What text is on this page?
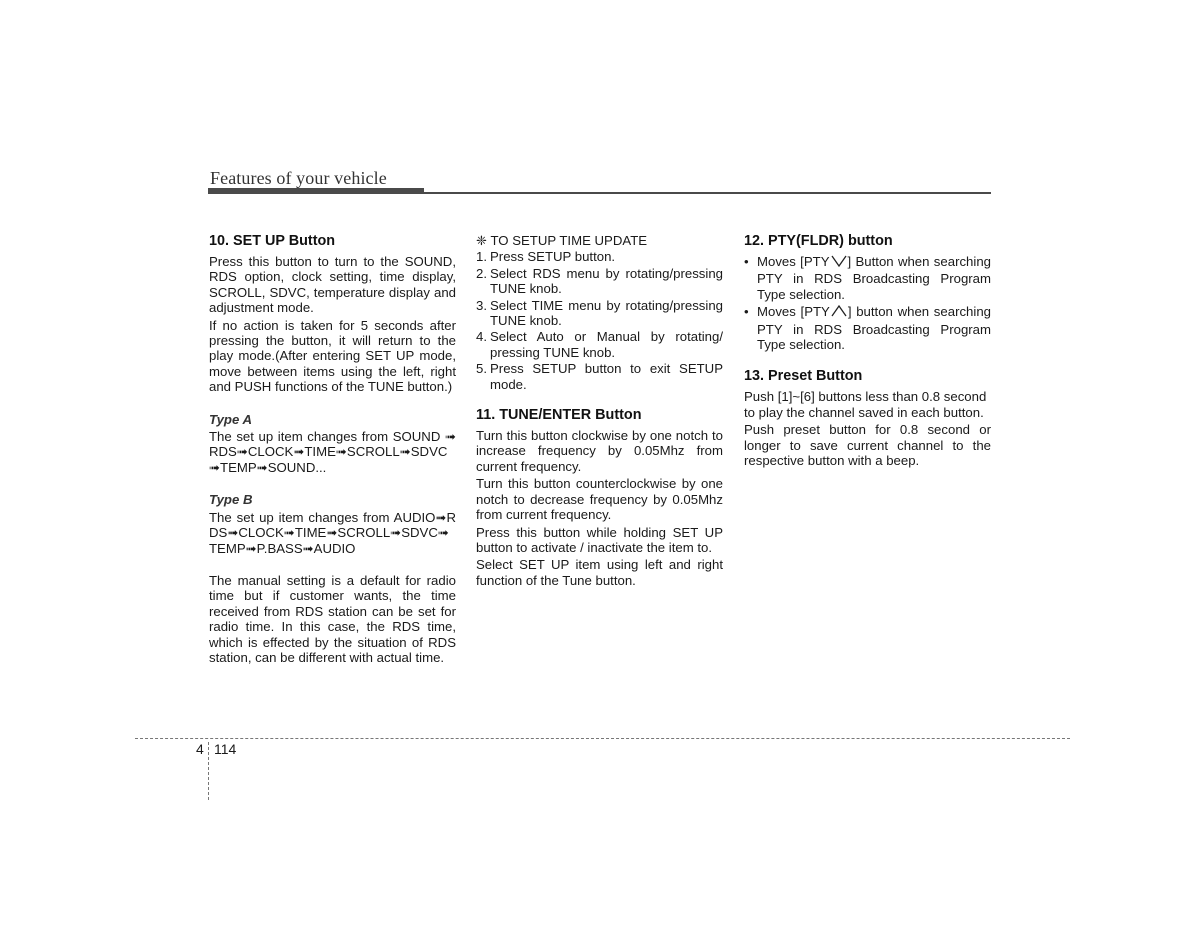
Features of your vehicle
10. SET UP Button

Press this button to turn to the SOUND, RDS option, clock setting, time display, SCROLL, SDVC, temperature display and adjustment mode.

If no action is taken for 5 seconds after pressing the button, it will return to the play mode.(After entering SET UP mode, move between items using the left, right and PUSH functions of the TUNE button.)

Type A

The set up item changes from SOUND ➟RDS➟CLOCK➟TIME➟SCROLL➟SDVC➟TEMP➟SOUND...

Type B

The set up item changes from AUDIO➟RDS➟CLOCK➟TIME➟SCROLL➟SDVC➟TEMP➟P.BASS➟AUDIO

The manual setting is a default for radio time but if customer wants, the time received from RDS station can be set for radio time. In this case, the RDS time, which is effected by the situation of RDS station, can be different with actual time.

❈ TO SETUP TIME UPDATE
1. Press SETUP button.
2. Select RDS menu by rotating/pressing TUNE knob.
3. Select TIME menu by rotating/pressing TUNE knob.
4. Select Auto or Manual by rotating/ pressing TUNE knob.
5. Press SETUP button to exit SETUP mode.
11. TUNE/ENTER Button

Turn this button clockwise by one notch to increase frequency by 0.05Mhz from current frequency.

Turn this button counterclockwise by one notch to decrease frequency by 0.05Mhz from current frequency.

Press this button while holding SET UP button to activate / inactivate the item to.

Select SET UP item using left and right function of the Tune button.

12. PTY(FLDR) button
• Moves [PTY ] Button when searching PTY in RDS Broadcasting Program Type selection.
• Moves [PTY ] button when searching PTY in RDS Broadcasting Program Type selection.
13. Preset Button

Push [1]~[6] buttons less than 0.8 second to play the channel saved in each button.

Push preset button for 0.8 second or longer to save current channel to the respective button with a beep.

4 114
